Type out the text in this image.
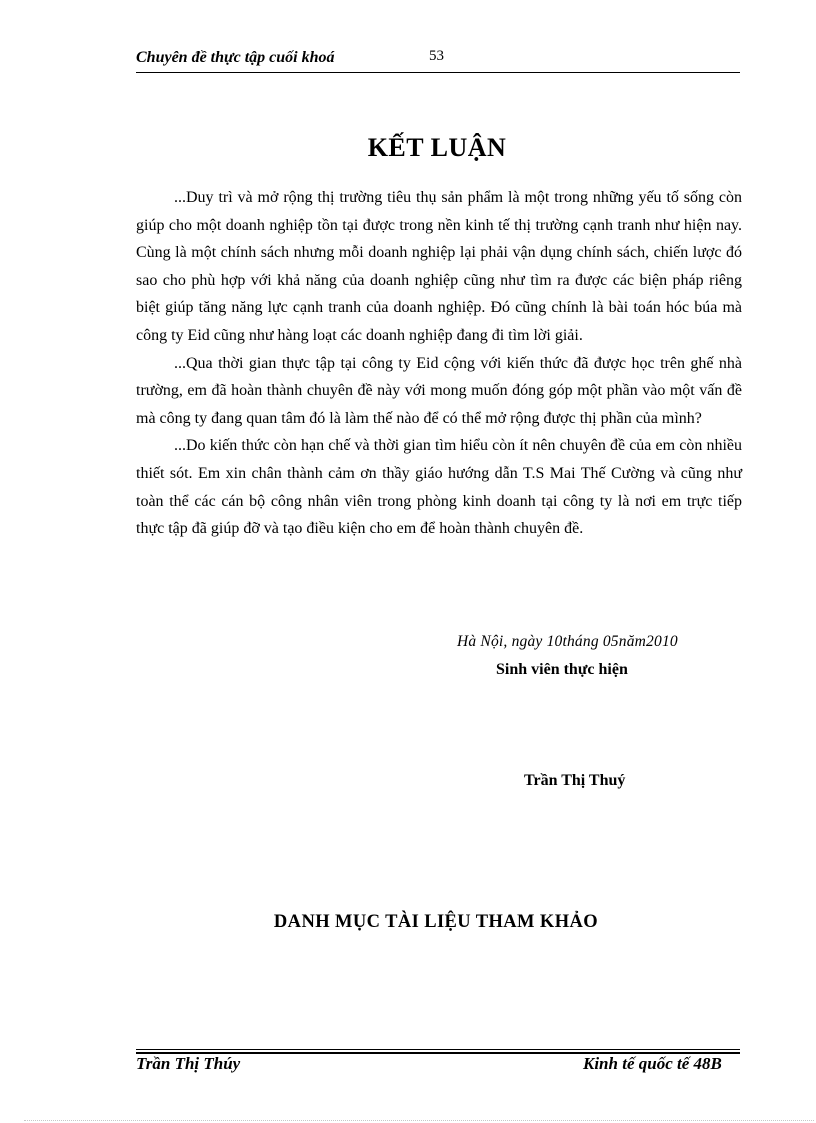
Chuyên đề thực tập cuối khoá	53
KẾT LUẬN

...Duy trì và mở rộng thị trường tiêu thụ sản phẩm là một trong những yếu tố sống còn giúp cho một doanh nghiệp tồn tại được trong nền kinh tế thị trường cạnh tranh như hiện nay. Cùng là một chính sách nhưng mỗi doanh nghiệp lại phải vận dụng chính sách, chiến lược đó sao cho phù hợp với khả năng của doanh nghiệp cũng như tìm ra được các biện pháp riêng biệt giúp tăng năng lực cạnh tranh của doanh nghiệp. Đó cũng chính là bài toán hóc búa mà công ty Eid cũng như hàng loạt các doanh nghiệp đang đi tìm lời giải.

...Qua thời gian thực tập tại công ty Eid cộng với kiến thức đã được học trên ghế nhà trường, em đã hoàn thành chuyên đề này với mong muốn đóng góp một phần vào một vấn đề mà công ty đang quan tâm đó là làm thế nào để có thể mở rộng được thị phần của mình?

...Do kiến thức còn hạn chế và thời gian tìm hiểu còn ít nên chuyên đề của em còn nhiều thiết sót. Em xin chân thành cảm ơn thầy giáo hướng dẫn T.S Mai Thế Cường và cũng như toàn thể các cán bộ công nhân viên trong phòng kinh doanh tại công ty là nơi em trực tiếp thực tập đã giúp đỡ và tạo điều kiện cho em để hoàn thành chuyên đề.

Hà Nội, ngày 10tháng 05năm2010
Sinh viên thực hiện
Trần Thị Thuý
DANH MỤC TÀI LIỆU THAM KHẢO
Trần Thị Thúy	Kinh tế quốc tế 48B
